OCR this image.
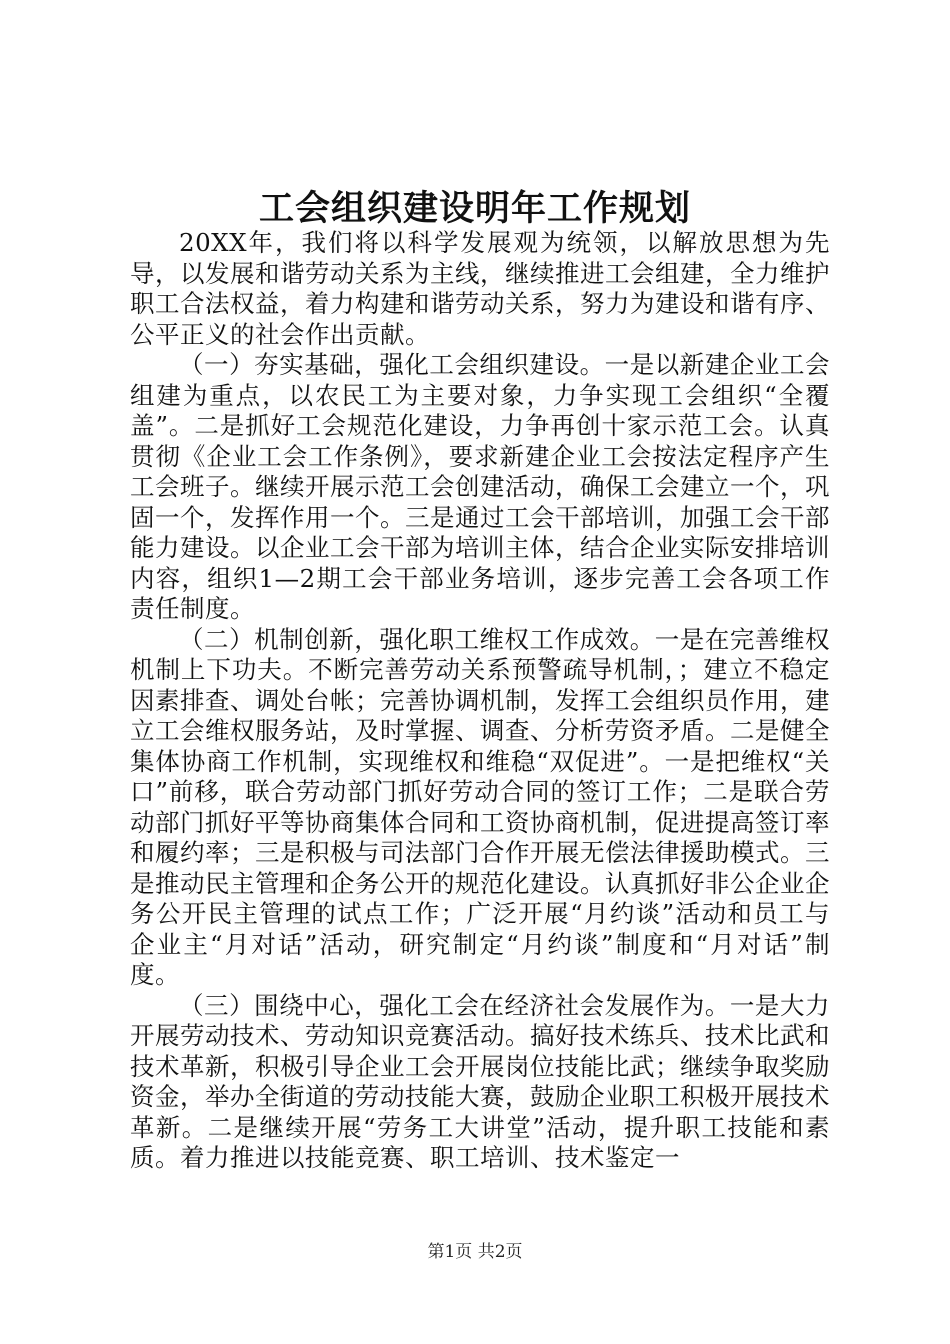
工会组织建设明年工作规划

20XX年，我们将以科学发展观为统领，以解放思想为先导，以发展和谐劳动关系为主线，继续推进工会组建，全力维护职工合法权益，着力构建和谐劳动关系，努力为建设和谐有序、公平正义的社会作出贡献。

（一）夯实基础，强化工会组织建设。一是以新建企业工会组建为重点，以农民工为主要对象，力争实现工会组织“全覆盖”。二是抓好工会规范化建设，力争再创十家示范工会。认真贯彻《企业工会工作条例》，要求新建企业工会按法定程序产生工会班子。继续开展示范工会创建活动，确保工会建立一个，巩固一个，发挥作用一个。三是通过工会干部培训，加强工会干部能力建设。以企业工会干部为培训主体，结合企业实际安排培训内容，组织1—2期工会干部业务培训，逐步完善工会各项工作责任制度。

（二）机制创新，强化职工维权工作成效。一是在完善维权机制上下功夫。不断完善劳动关系预警疏导机制，；建立不稳定因素排查、调处台帐；完善协调机制，发挥工会组织员作用，建立工会维权服务站，及时掌握、调查、分析劳资矛盾。二是健全集体协商工作机制，实现维权和维稳“双促进”。一是把维权“关口”前移，联合劳动部门抓好劳动合同的签订工作；二是联合劳动部门抓好平等协商集体合同和工资协商机制，促进提高签订率和履约率；三是积极与司法部门合作开展无偿法律援助模式。三是推动民主管理和企务公开的规范化建设。认真抓好非公企业企务公开民主管理的试点工作；广泛开展“月约谈”活动和员工与企业主“月对话”活动，研究制定“月约谈”制度和“月对话”制度。

（三）围绕中心，强化工会在经济社会发展作为。一是大力开展劳动技术、劳动知识竞赛活动。搞好技术练兵、技术比武和技术革新，积极引导企业工会开展岗位技能比武；继续争取奖励资金，举办全街道的劳动技能大赛，鼓励企业职工积极开展技术革新。二是继续开展“劳务工大讲堂”活动，提升职工技能和素质。着力推进以技能竞赛、职工培训、技术鉴定一

第1页 共2页
